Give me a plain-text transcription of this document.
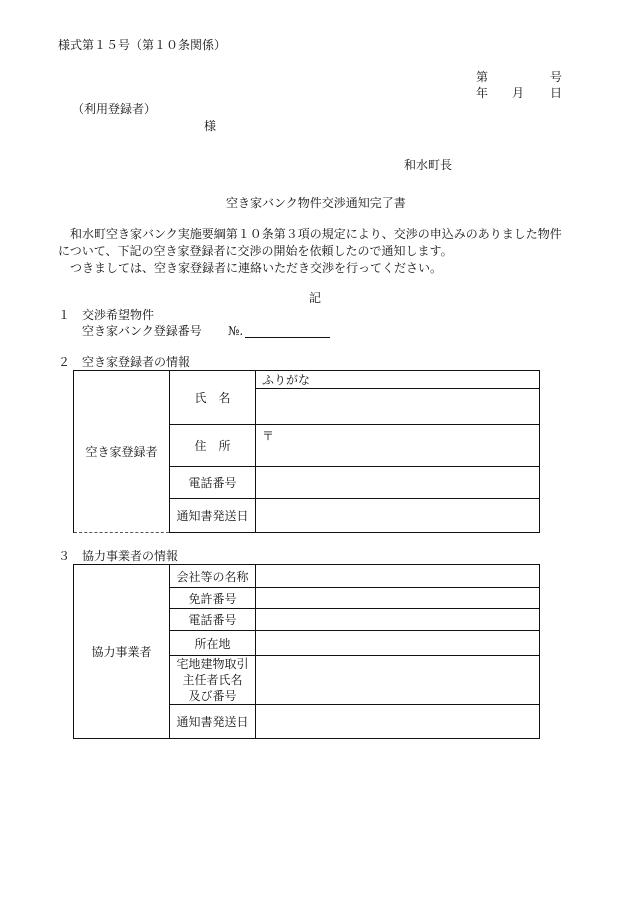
様式第１５号（第１０条関係）
第	号
年 月 日
（利用登録者）
様
和水町長
空き家バンク物件交渉通知完了書

和水町空き家バンク実施要綱第１０条第３項の規定により、交渉の申込みのありました物件

について、下記の空き家登録者に交渉の開始を依頼したので通知します。

つきましては、空き家登録者に連絡いただき交渉を行ってください。

記
１ 交渉希望物件
空き家バンク登録番号 №.
２ 空き家登録者の情報
空き家登録者	氏　名	ふりがな

	住　所	〒
	電話番号	
	通知書発送日	
３ 協力事業者の情報
協力事業者	会社等の名称	
	免許番号	
	電話番号	
	所在地	

	宅地建物取引
主任者氏名
及び番号	

	通知書発送日	
